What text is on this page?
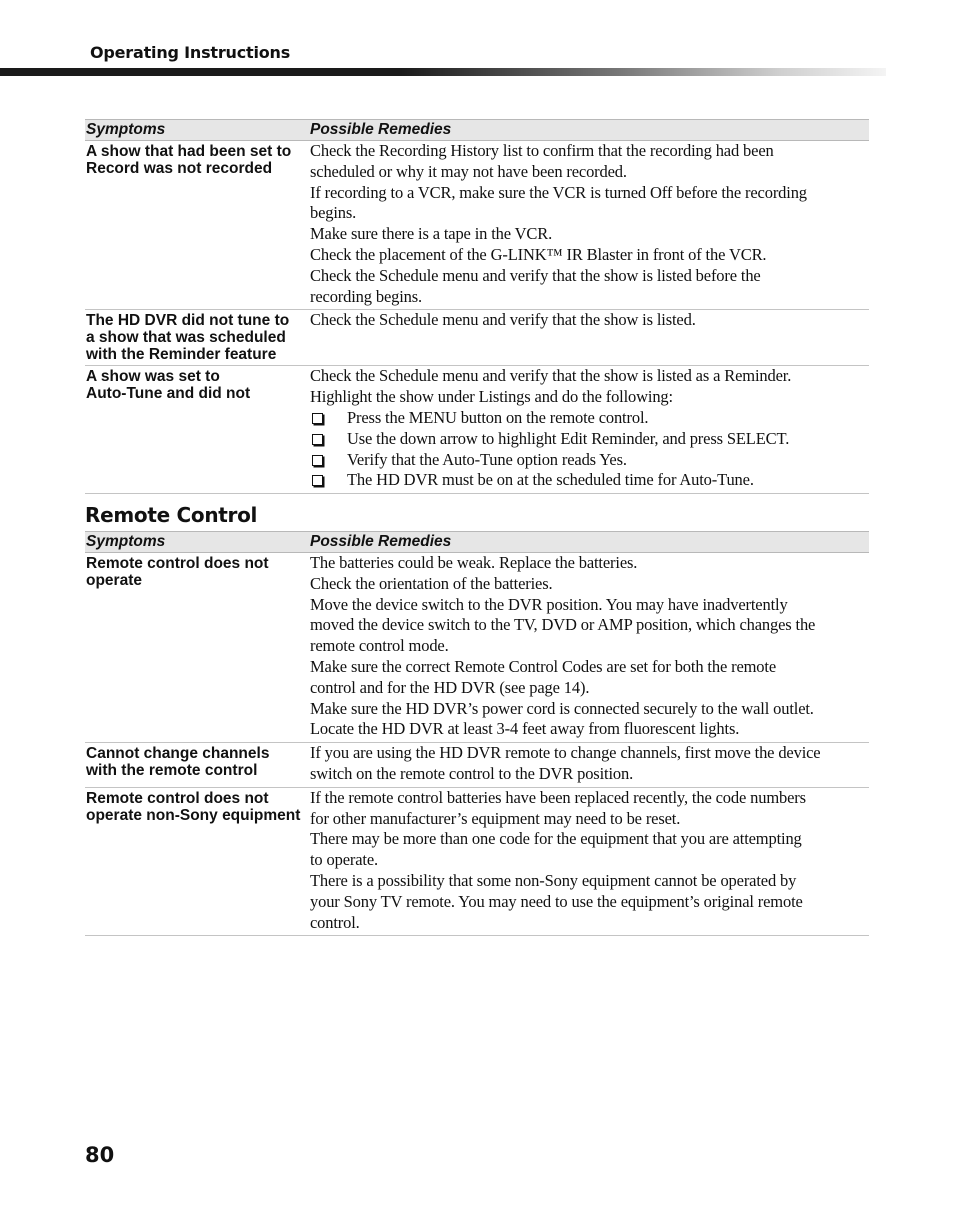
Operating Instructions
Symptoms	Possible Remedies
A show that had been set to
Record was not recorded
Check the Recording History list to confirm that the recording had been
scheduled or why it may not have been recorded.
If recording to a VCR, make sure the VCR is turned Off before the recording
begins.
Make sure there is a tape in the VCR.
Check the placement of the G-LINK™ IR Blaster in front of the VCR.
Check the Schedule menu and verify that the show is listed before the
recording begins.
The HD DVR did not tune to
a show that was scheduled
with the Reminder feature
Check the Schedule menu and verify that the show is listed.
A show was set to
Auto-Tune and did not
Check the Schedule menu and verify that the show is listed as a Reminder.
Highlight the show under Listings and do the following:
Press the MENU button on the remote control.
Use the down arrow to highlight Edit Reminder, and press SELECT.
Verify that the Auto-Tune option reads Yes.
The HD DVR must be on at the scheduled time for Auto-Tune.
Remote Control
Symptoms	Possible Remedies
Remote control does not
operate
The batteries could be weak. Replace the batteries.
Check the orientation of the batteries.
Move the device switch to the DVR position. You may have inadvertently
moved the device switch to the TV, DVD or AMP position, which changes the
remote control mode.
Make sure the correct Remote Control Codes are set for both the remote
control and for the HD DVR (see page 14).
Make sure the HD DVR’s power cord is connected securely to the wall outlet.
Locate the HD DVR at least 3-4 feet away from fluorescent lights.
Cannot change channels
with the remote control
If you are using the HD DVR remote to change channels, first move the device
switch on the remote control to the DVR position.
Remote control does not
operate non-Sony equipment
If the remote control batteries have been replaced recently, the code numbers
for other manufacturer’s equipment may need to be reset.
There may be more than one code for the equipment that you are attempting
to operate.
There is a possibility that some non-Sony equipment cannot be operated by
your Sony TV remote. You may need to use the equipment’s original remote
control.
80
